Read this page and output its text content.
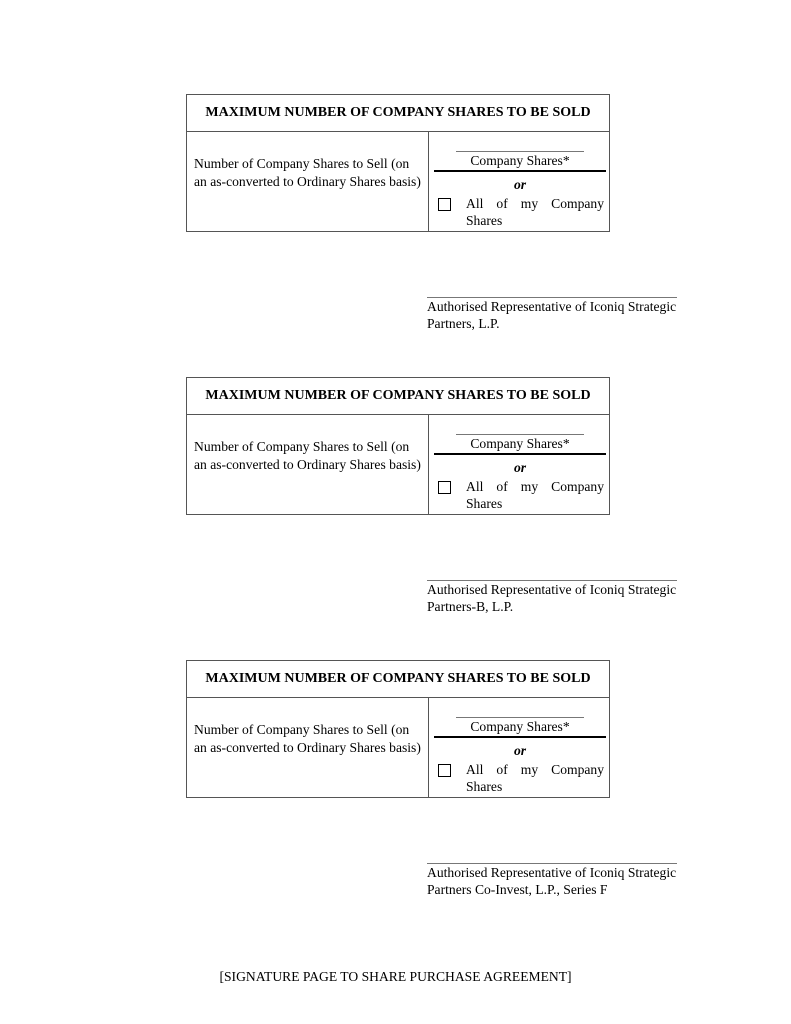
MAXIMUM NUMBER OF COMPANY SHARES TO BE SOLD
Number of Company Shares to Sell (on an as-converted to Ordinary Shares basis)
Company Shares*
or
All of my Company Shares
Authorised Representative of Iconiq Strategic
Partners, L.P.
MAXIMUM NUMBER OF COMPANY SHARES TO BE SOLD
Number of Company Shares to Sell (on an as-converted to Ordinary Shares basis)
Company Shares*
or
All of my Company Shares
Authorised Representative of Iconiq Strategic
Partners-B, L.P.
MAXIMUM NUMBER OF COMPANY SHARES TO BE SOLD
Number of Company Shares to Sell (on an as-converted to Ordinary Shares basis)
Company Shares*
or
All of my Company Shares
Authorised Representative of Iconiq Strategic
Partners Co-Invest, L.P., Series F
[SIGNATURE PAGE TO SHARE PURCHASE AGREEMENT]
